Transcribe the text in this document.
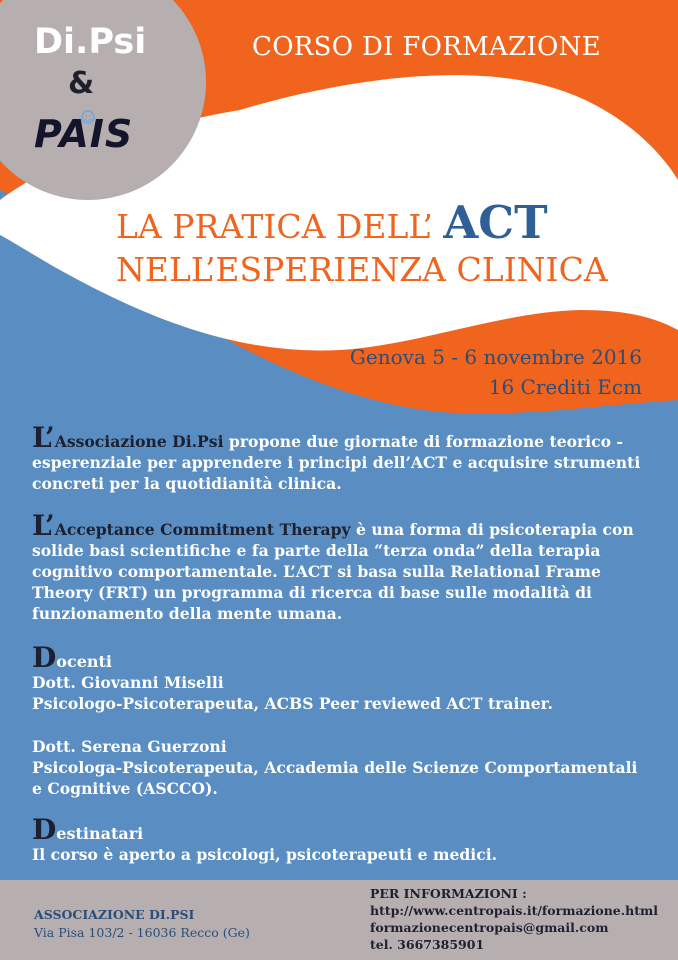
Di.Psi
&
PAIS
CORSO DI FORMAZIONE
LA PRATICA DELL’ ACT
NELL’ESPERIENZA CLINICA
Genova 5 - 6 novembre 2016
16 Crediti Ecm
L’Associazione Di.Psi propone due giornate di formazione teorico - esperenziale per apprendere i principi dell’ACT e acquisire strumenti concreti per la quotidianità clinica.
L’Acceptance Commitment Therapy è una forma di psicoterapia con solide basi scientifiche e fa parte della “terza onda” della terapia cognitivo comportamentale. L’ACT si basa sulla Relational Frame Theory (FRT) un programma di ricerca di base sulle modalità di funzionamento della mente umana.
Docenti
Dott. Giovanni Miselli
Psicologo-Psicoterapeuta, ACBS Peer reviewed ACT trainer.
Dott. Serena Guerzoni
Psicologa-Psicoterapeuta, Accademia delle Scienze Comportamentali e Cognitive (ASCCO).
Destinatari
Il corso è aperto a psicologi, psicoterapeuti e medici.
ASSOCIAZIONE DI.PSI
Via Pisa 103/2 - 16036 Recco (Ge)
PER INFORMAZIONI :
http://www.centropais.it/formazione.html
formazionecentropais@gmail.com
tel. 3667385901
